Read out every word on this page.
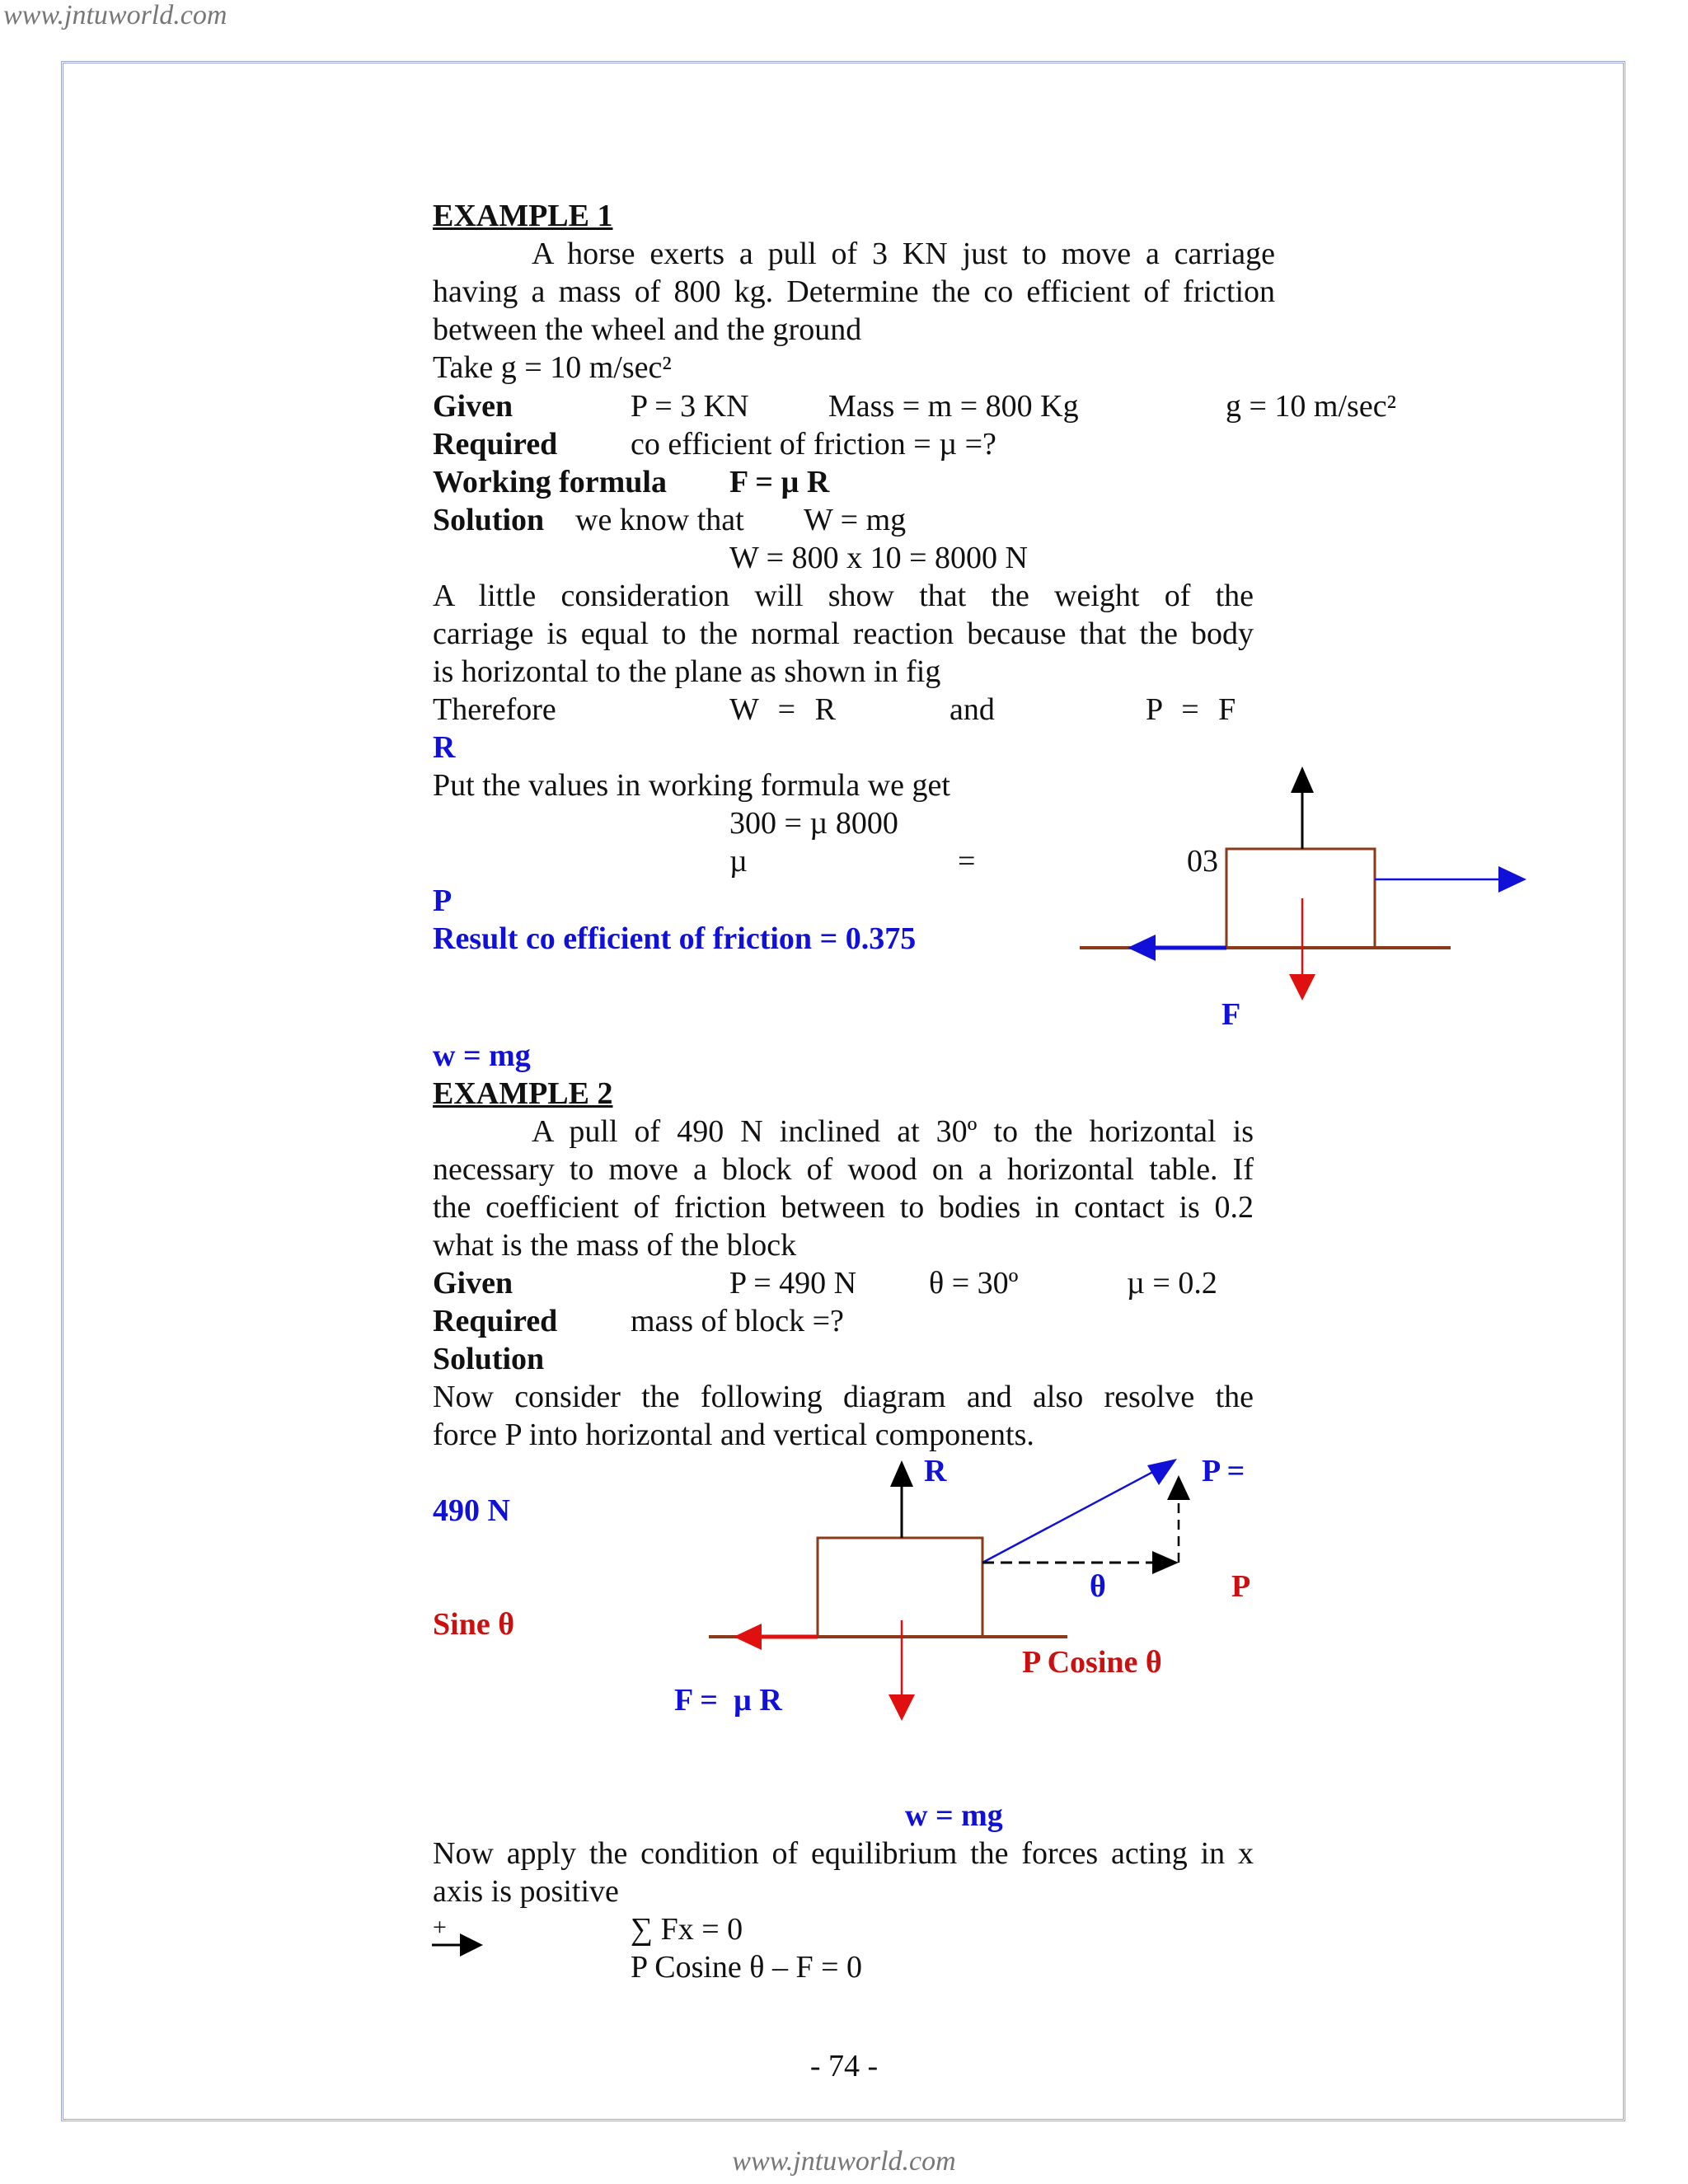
www.jntuworld.com
EXAMPLE 1
A horse exerts a pull of 3 KN just to move a carriage
having a mass of 800 kg. Determine the co efficient of friction
between the wheel and the ground
Take g = 10 m/sec²
Given	P = 3 KN	Mass = m = 800 Kg	g = 10 m/sec²
Required co efficient of friction = µ =?
Working formula F = µ R
Solution we know that W = mg
W = 800 x 10 = 8000 N
A little consideration will show that the weight of the
carriage is equal to the normal reaction because that the body
is horizontal to the plane as shown in fig
Therefore	W = R	and	P = F
R
Put the values in working formula we get
300 = µ 8000
µ	=	03
P
Result co efficient of friction = 0.375
F
w = mg
EXAMPLE 2
A pull of 490 N inclined at 30º to the horizontal is
necessary to move a block of wood on a horizontal table. If
the coefficient of friction between to bodies in contact is 0.2
what is the mass of the block
Given	P = 490 N θ = 30º	µ = 0.2
Required mass of block =?
Solution
Now consider the following diagram and also resolve the
force P into horizontal and vertical components.
R	P =
490 N
θ	P
Sine θ
P Cosine θ
F =  µ R
w = mg
Now apply the condition of equilibrium the forces acting in x
axis is positive
+	∑ Fx = 0
P Cosine θ – F = 0
- 74 -
www.jntuworld.com
